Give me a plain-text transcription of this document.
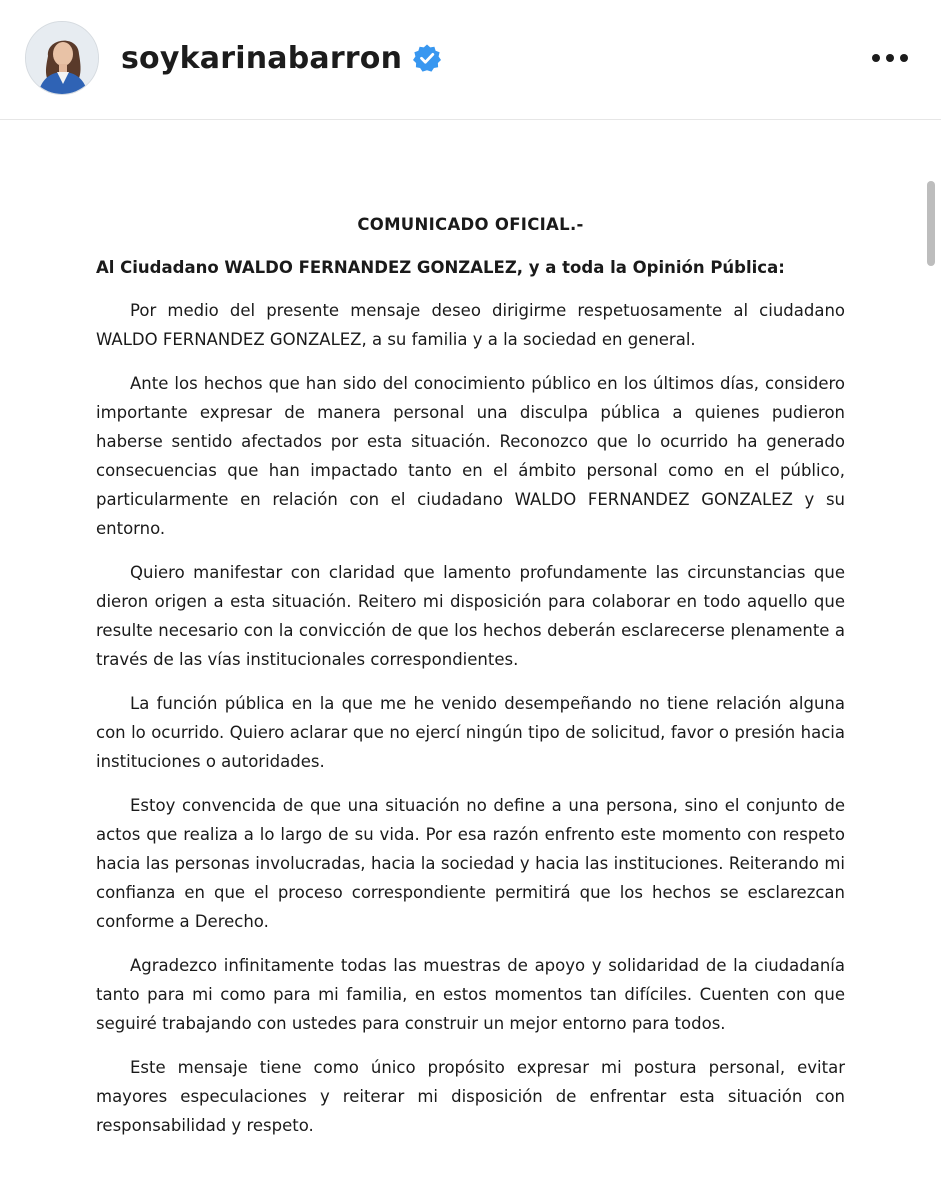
soykarinabarron
COMUNICADO OFICIAL.-
Al Ciudadano WALDO FERNANDEZ GONZALEZ, y a toda la Opinión Pública:

Por medio del presente mensaje deseo dirigirme respetuosamente al ciudadano WALDO FERNANDEZ GONZALEZ, a su familia y a la sociedad en general.

Ante los hechos que han sido del conocimiento público en los últimos días, considero importante expresar de manera personal una disculpa pública a quienes pudieron haberse sentido afectados por esta situación. Reconozco que lo ocurrido ha generado consecuencias que han impactado tanto en el ámbito personal como en el público, particularmente en relación con el ciudadano WALDO FERNANDEZ GONZALEZ y su entorno.

Quiero manifestar con claridad que lamento profundamente las circunstancias que dieron origen a esta situación. Reitero mi disposición para colaborar en todo aquello que resulte necesario con la convicción de que los hechos deberán esclarecerse plenamente a través de las vías institucionales correspondientes.

La función pública en la que me he venido desempeñando no tiene relación alguna con lo ocurrido. Quiero aclarar que no ejercí ningún tipo de solicitud, favor o presión hacia instituciones o autoridades.

Estoy convencida de que una situación no define a una persona, sino el conjunto de actos que realiza a lo largo de su vida. Por esa razón enfrento este momento con respeto hacia las personas involucradas, hacia la sociedad y hacia las instituciones. Reiterando mi confianza en que el proceso correspondiente permitirá que los hechos se esclarezcan conforme a Derecho.

Agradezco infinitamente todas las muestras de apoyo y solidaridad de la ciudadanía tanto para mi como para mi familia, en estos momentos tan difíciles. Cuenten con que seguiré trabajando con ustedes para construir un mejor entorno para todos.

Este mensaje tiene como único propósito expresar mi postura personal, evitar mayores especulaciones y reiterar mi disposición de enfrentar esta situación con responsabilidad y respeto.
